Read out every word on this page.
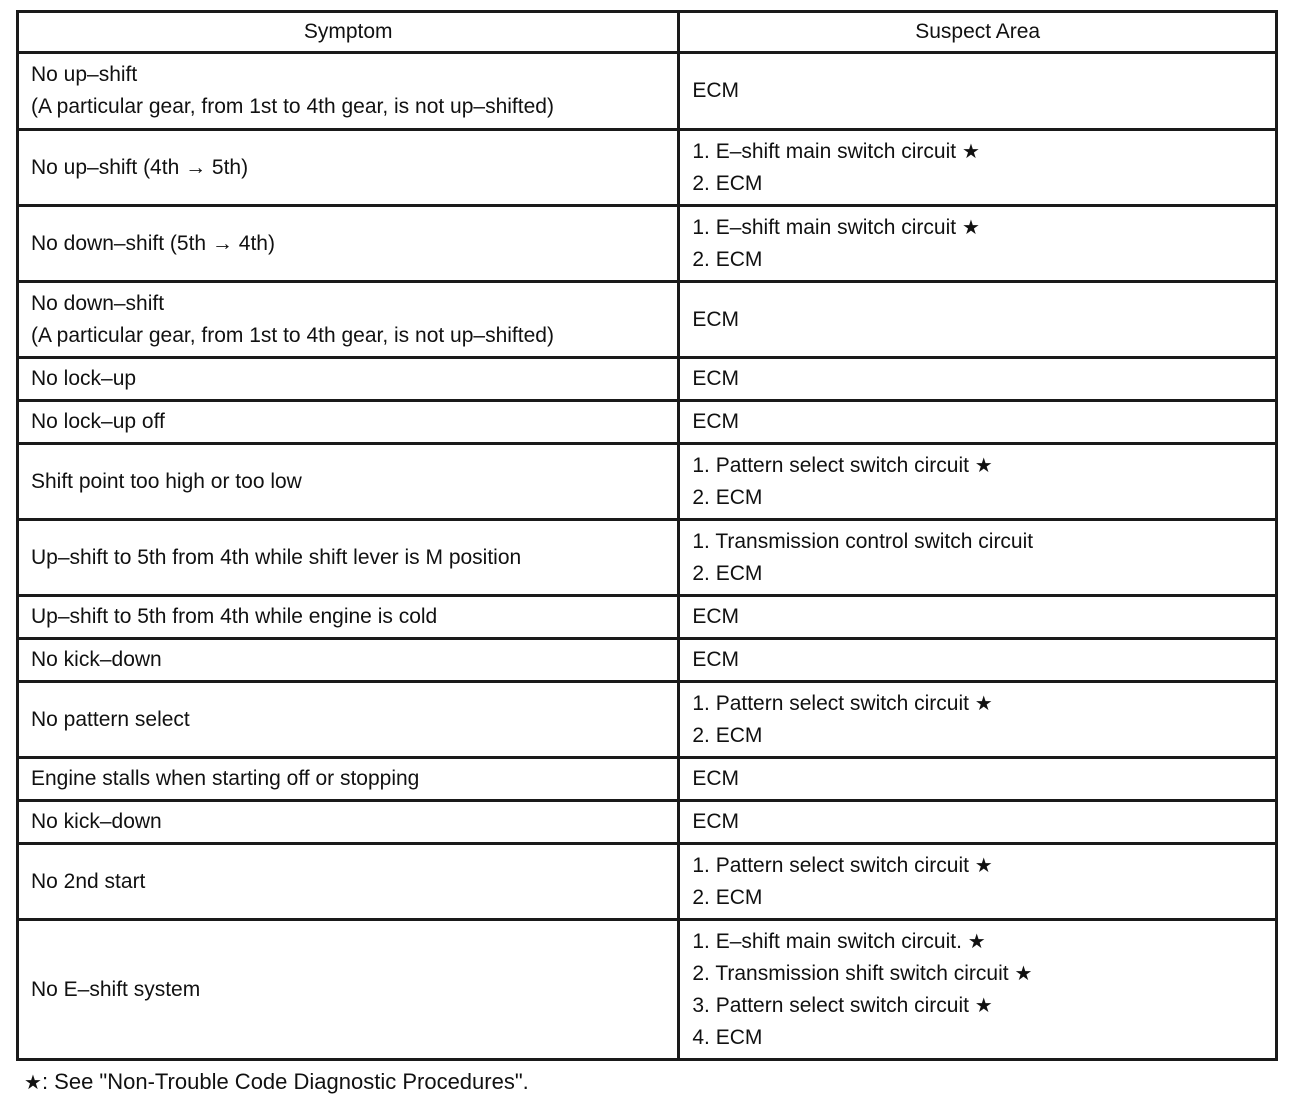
Symptom	Suspect Area

No up–shift
(A particular gear, from 1st to 4th gear, is not up–shifted)	ECM

No up–shift (4th → 5th)	1. E–shift main switch circuit ★
2. ECM

No down–shift (5th → 4th)	1. E–shift main switch circuit ★
2. ECM

No down–shift
(A particular gear, from 1st to 4th gear, is not up–shifted)	ECM

No lock–up	ECM

No lock–up off	ECM

Shift point too high or too low	1. Pattern select switch circuit ★
2. ECM

Up–shift to 5th from 4th while shift lever is M position	1. Transmission control switch circuit
2. ECM

Up–shift to 5th from 4th while engine is cold	ECM

No kick–down	ECM

No pattern select	1. Pattern select switch circuit ★
2. ECM

Engine stalls when starting off or stopping	ECM

No kick–down	ECM

No 2nd start	1. Pattern select switch circuit ★
2. ECM

No E–shift system	1. E–shift main switch circuit. ★
2. Transmission shift switch circuit ★
3. Pattern select switch circuit ★
4. ECM
★: See "Non-Trouble Code Diagnostic Procedures".
